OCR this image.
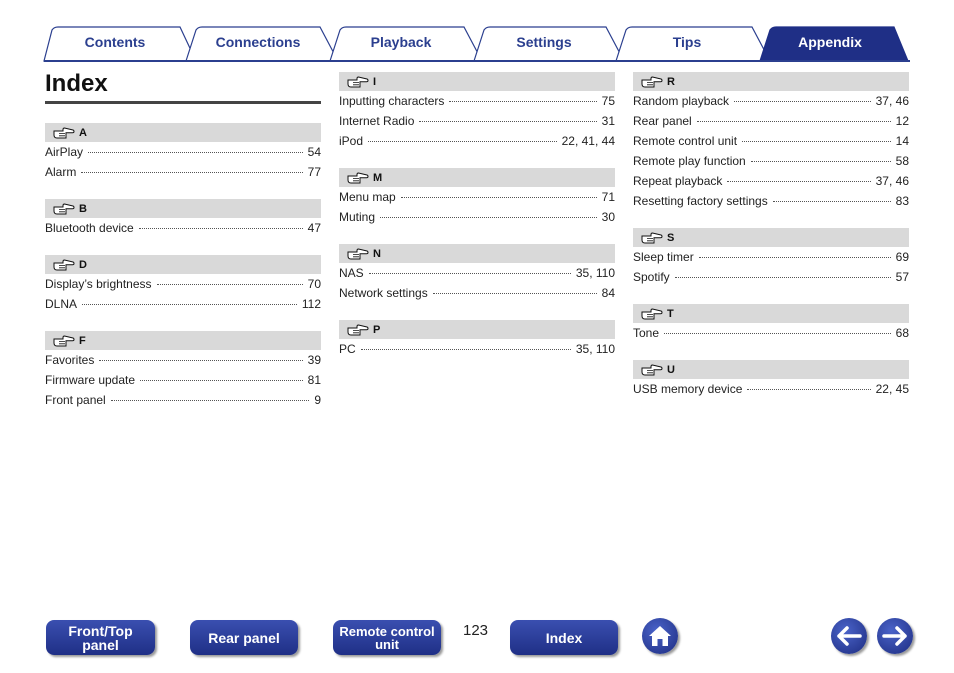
Contents	Connections	Playback	Settings	Tips	Appendix
Index
A
AirPlay	54
Alarm	77
B
Bluetooth device	47
D
Display’s brightness	70
DLNA	112
F
Favorites	39
Firmware update	81
Front panel	9
I
Inputting characters	75
Internet Radio	31
iPod	22, 41, 44
M
Menu map	71
Muting	30
N
NAS	35, 110
Network settings	84
P
PC	35, 110
R
Random playback	37, 46
Rear panel	12
Remote control unit	14
Remote play function	58
Repeat playback	37, 46
Resetting factory settings	83
S
Sleep timer	69
Spotify	57
T
Tone	68
U
USB memory device	22, 45
Front/Top
panel	Rear panel	Remote control
unit
123	Index
